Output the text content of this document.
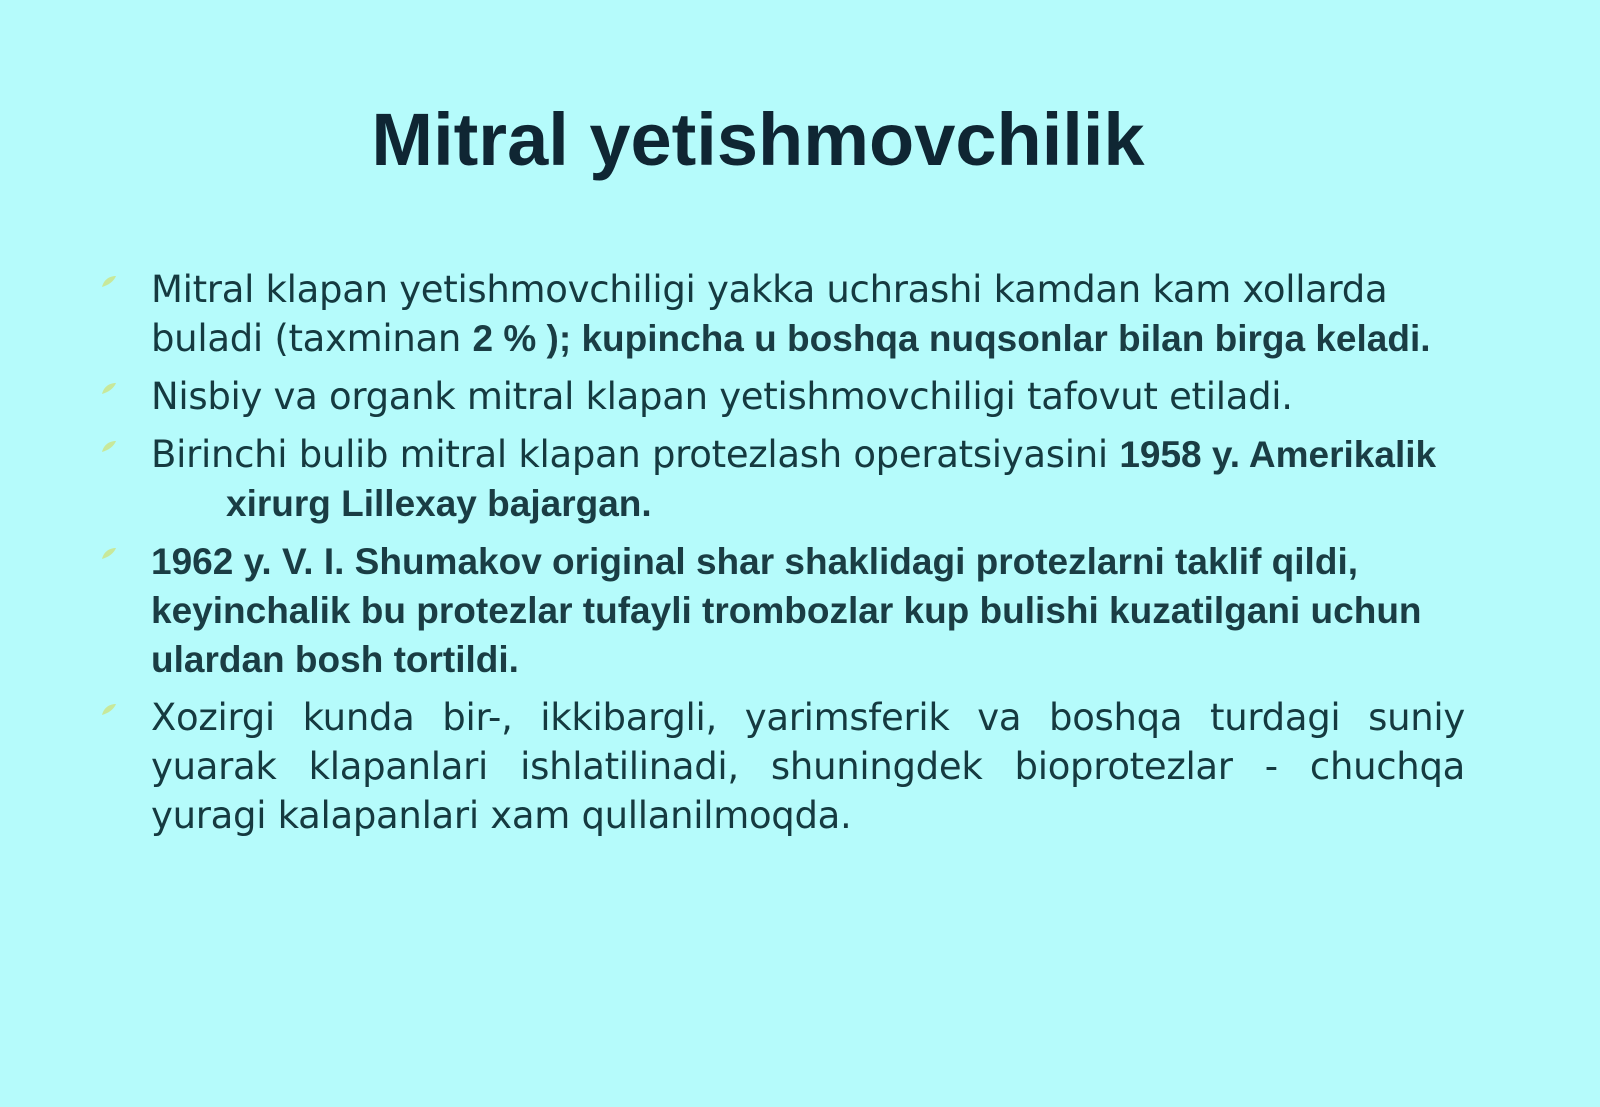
Mitral yetishmovchilik
Mitral klapan yetishmovchiligi yakka uchrashi kamdan kam xollarda buladi (taxminan 2 % ); kupincha u boshqa nuqsonlar bilan birga keladi.
Nisbiy va organk mitral klapan yetishmovchiligi tafovut etiladi.
Birinchi bulib mitral klapan protezlash operatsiyasini 1958 y. Amerikalikxirurg Lillexay bajargan.
1962 y. V. I. Shumakov original shar shaklidagi protezlarni taklif qildi, keyinchalik bu protezlar tufayli trombozlar kup bulishi kuzatilgani uchun ulardan bosh tortildi.
Xozirgi kunda bir-, ikkibargli, yarimsferik va boshqa turdagi suniy yuarak klapanlari ishlatilinadi, shuningdek bioprotezlar - chuchqa yuragi kalapanlari xam qullanilmoqda.
